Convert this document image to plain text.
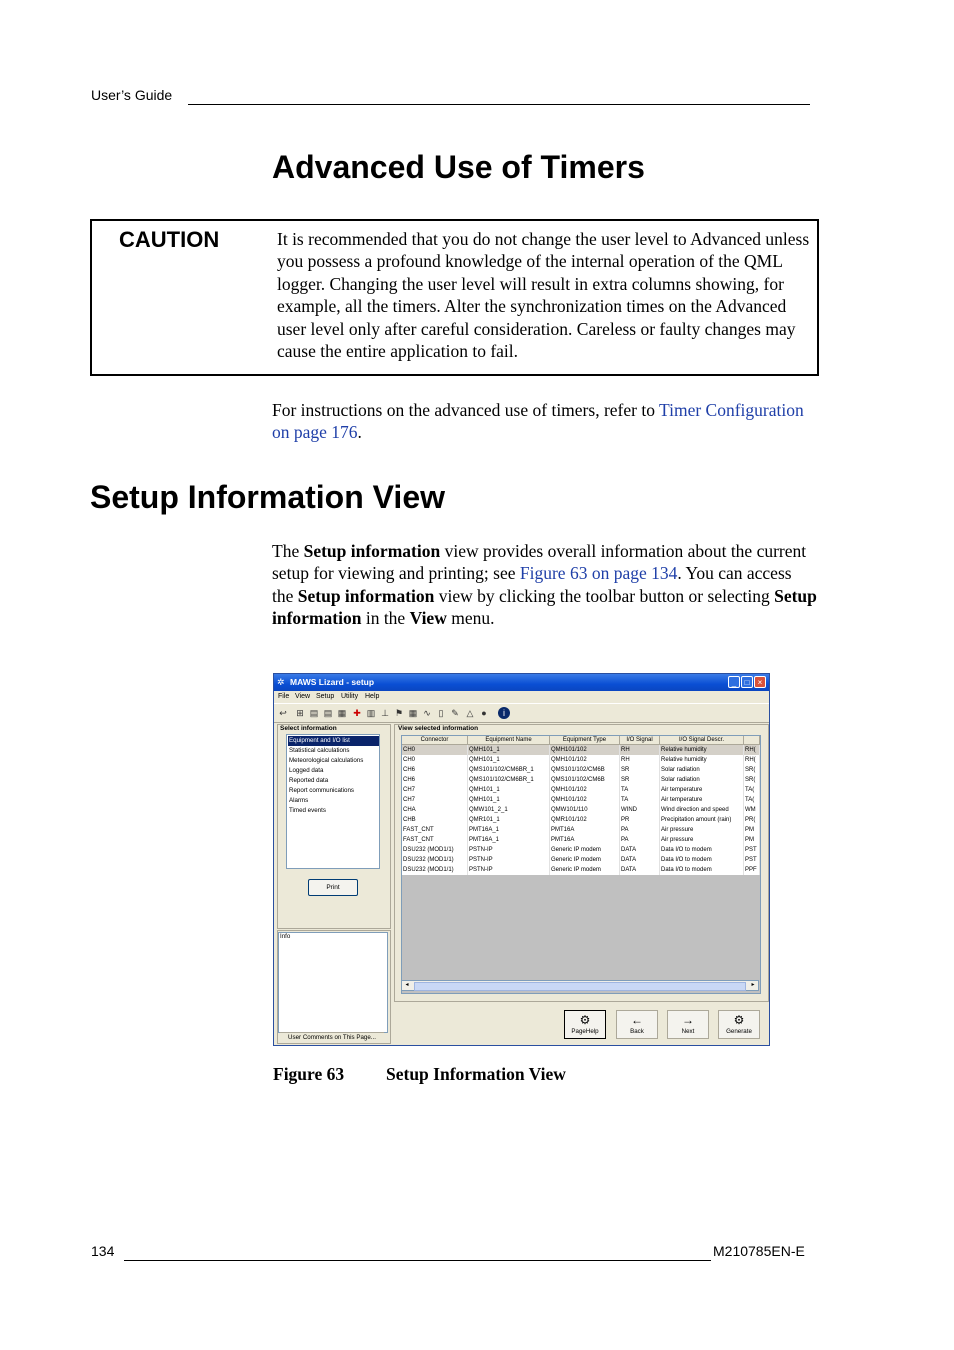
User’s Guide
Advanced Use of Timers
CAUTION	It is recommended that you do not change the user level to Advanced unless you possess a profound knowledge of the internal operation of the QML logger. Changing the user level will result in extra columns showing, for example, all the timers. Alter the synchronization times on the Advanced user level only after careful consideration. Careless or faulty changes may cause the entire application to fail.
For instructions on the advanced use of timers, refer to Timer Configuration on page 176.
Setup Information View
The Setup information view provides overall information about the current setup for viewing and printing; see Figure 63 on page 134. You can access the Setup information view by clicking the toolbar button or selecting Setup information in the View menu.
✲ MAWS Lizard - setup	_	□	×
File View Setup Utility Help
↩ ⊞ ▤ ▤ ▦ ✚ ▥ ⊥ ⚑ ▦ ∿ ▯ ✎ △ ●	i
Select information
Equipment and I/O list
Statistical calculations
Meteorological calculations
Logged data
Reported data
Report communications
Alarms
Timed events
Print
Info
User Comments on This Page...
View selected information
Connector	Equipment Name	Equipment Type	I/O Signal	I/O Signal Descr.
CH0	QMH101_1	QMH101/102	RH	Relative humidity	RH(
CH0	QMH101_1	QMH101/102	RH	Relative humidity	RH(
CH6	QMS101/102/CM6BR_1	QMS101/102/CM6B	SR	Solar radiation	SR(
CH6	QMS101/102/CM6BR_1	QMS101/102/CM6B	SR	Solar radiation	SR(
CH7	QMH101_1	QMH101/102	TA	Air temperature	TA(
CH7	QMH101_1	QMH101/102	TA	Air temperature	TA(
CHA	QMW101_2_1	QMW101/110	WIND	Wind direction and speed	WM
CHB	QMR101_1	QMR101/102	PR	Precipitation amount (rain)	PR(
FAST_CNT	PMT16A_1	PMT16A	PA	Air pressure	PM
FAST_CNT	PMT16A_1	PMT16A	PA	Air pressure	PM
DSU232 (MOD1/1)	PSTN-IP	Generic IP modem	DATA	Data I/O to modem	PST
DSU232 (MOD1/1)	PSTN-IP	Generic IP modem	DATA	Data I/O to modem	PST
DSU232 (MOD1/1)	PSTN-IP	Generic IP modem	DATA	Data I/O to modem	PPF
◂	▸
⚙
PageHelp
←
Back
→
Next
⚙
Generate
Figure 63 Setup Information View
134	M210785EN-E
